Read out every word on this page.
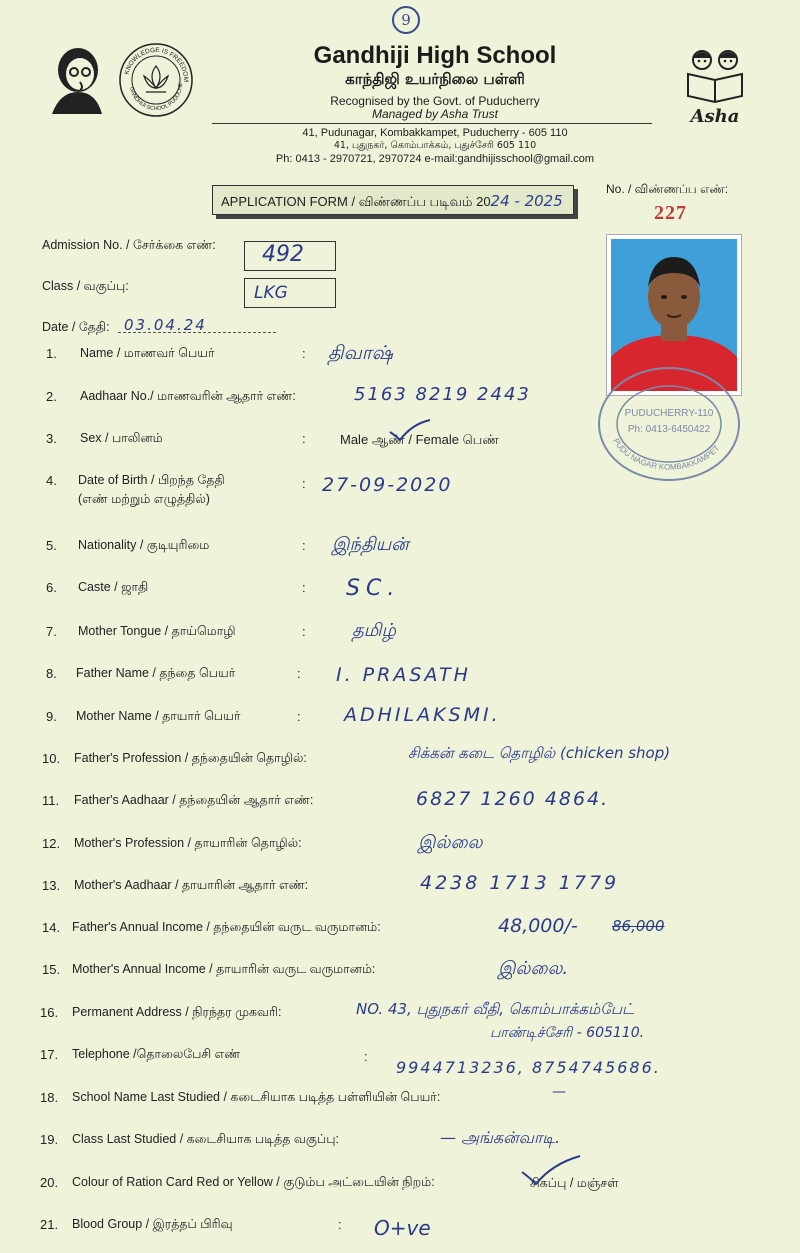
9
KNOWLEDGE IS FREEDOM
GANDHIJI SCHOOL PUDUCHE
Gandhiji High School
காந்திஜி உயர்நிலை பள்ளி
Recognised by the Govt. of Puducherry
Managed by Asha Trust
41, Pudunagar, Kombakkampet, Puducherry - 605 110
41, புதுநகர், கொம்பாக்கம், புதுச்சேரி 605 110
Ph: 0413 - 2970721, 2970724 e-mail:gandhijisschool@gmail.com
Asha
APPLICATION FORM / விண்ணப்ப படிவம் 2024 - 2025
No. / விண்ணப்ப எண்:
227
Admission No. / சேர்க்கை எண்: 492
Class / வகுப்பு:	LKG
Date / தேதி: 03.04.24
PUDU NAGAR KOMBAKKAMPET
PUDUCHERRY-110
Ph: 0413-6450422
1. Name / மாணவர் பெயர்	: திவாஷ்
2. Aadhaar No./ மாணவரின் ஆதார் எண்:	5163 8219 2443
3. Sex / பாலினம்	:	Male ஆண் / Female பெண்
4. Date of Birth / பிறந்த தேதி
(எண் மற்றும் எழுத்தில்)
: 27-09-2020
5. Nationality / குடியுரிமை	: இந்தியன்
6. Caste / ஜாதி	: SC.
7. Mother Tongue / தாய்மொழி	:	தமிழ்
8. Father Name / தந்தை பெயர்	: I. PRASATH
9. Mother Name / தாயார் பெயர்	: ADHILAKSMI.
10. Father's Profession / தந்தையின் தொழில்:	சிக்கன் கடை தொழில் (chicken shop)
11. Father's Aadhaar / தந்தையின் ஆதார் எண்:	6827 1260 4864.
12. Mother's Profession / தாயாரின் தொழில்:	இல்லை
13. Mother's Aadhaar / தாயாரின் ஆதார் எண்:	4238 1713 1779
14. Father's Annual Income / தந்தையின் வருட வருமானம்:	48,000/- 86,000
15. Mother's Annual Income / தாயாரின் வருட வருமானம்:	இல்லை.
16. Permanent Address / நிரந்தர முகவரி:	NO. 43, புதுநகர் வீதி, கொம்பாக்கம்பேட்
பாண்டிச்சேரி - 605110.
17. Telephone /தொலைபேசி எண்	:
9944713236, 8754745686.
18. School Name Last Studied / கடைசியாக படித்த பள்ளியின் பெயர்:	—
19. Class Last Studied / கடைசியாக படித்த வகுப்பு:	— அங்கன்வாடி.
20. Colour of Ration Card Red or Yellow / குடும்ப அட்டையின் நிறம்:	சிகப்பு / மஞ்சள்
21. Blood Group / இரத்தப் பிரிவு	: O+ve
